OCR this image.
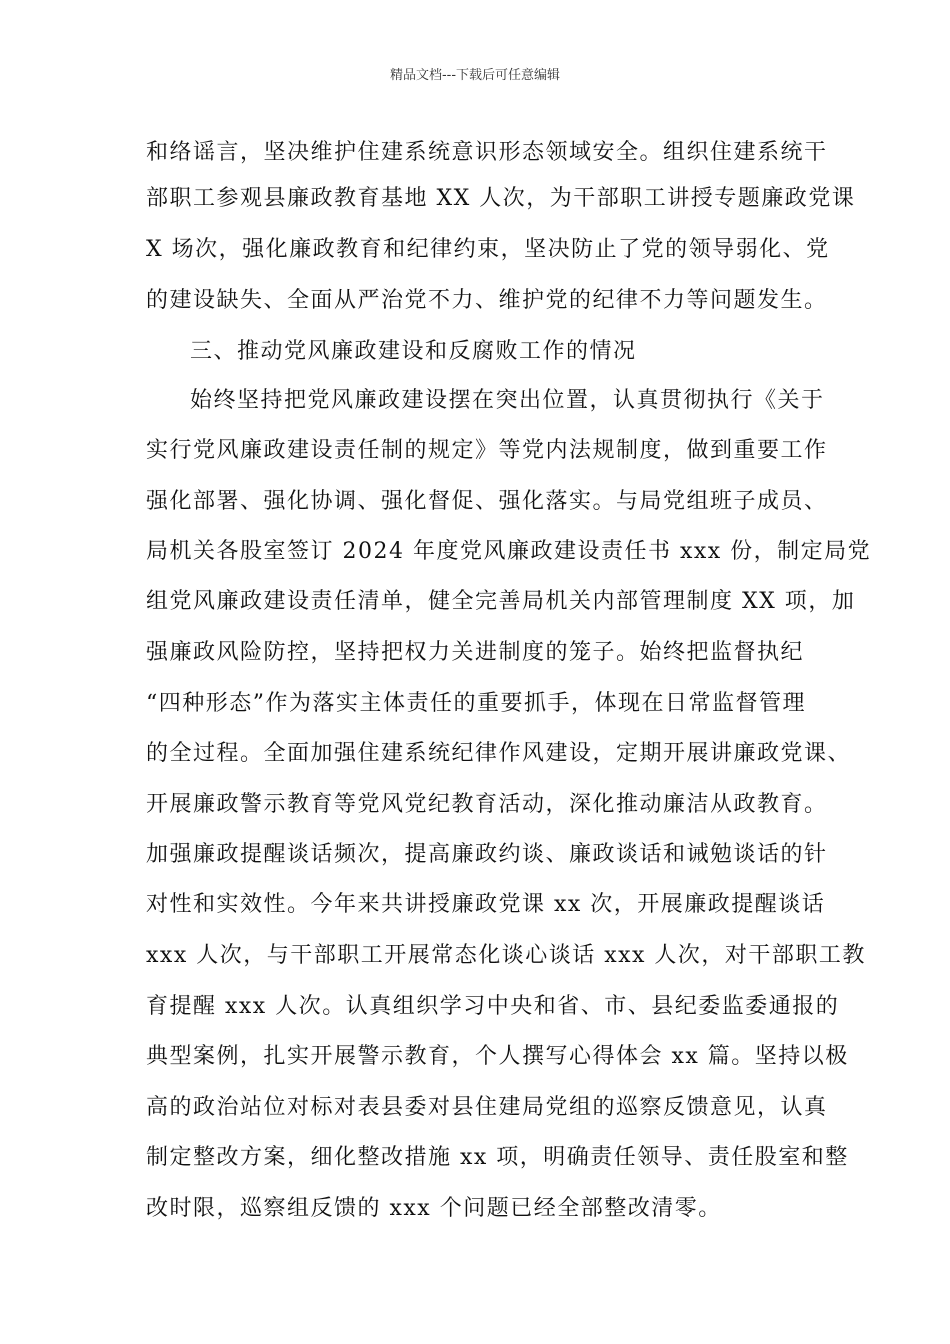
精品文档---下载后可任意编辑
和络谣言，坚决维护住建系统意识形态领域安全。组织住建系统干
部职工参观县廉政教育基地 XX 人次，为干部职工讲授专题廉政党课
X 场次，强化廉政教育和纪律约束，坚决防止了党的领导弱化、党
的建设缺失、全面从严治党不力、维护党的纪律不力等问题发生。
三、推动党风廉政建设和反腐败工作的情况
始终坚持把党风廉政建设摆在突出位置，认真贯彻执行《关于
实行党风廉政建设责任制的规定》等党内法规制度，做到重要工作
强化部署、强化协调、强化督促、强化落实。与局党组班子成员、
局机关各股室签订 2024 年度党风廉政建设责任书 xxx 份，制定局党
组党风廉政建设责任清单，健全完善局机关内部管理制度 XX 项，加
强廉政风险防控，坚持把权力关进制度的笼子。始终把监督执纪
“四种形态”作为落实主体责任的重要抓手，体现在日常监督管理
的全过程。全面加强住建系统纪律作风建设，定期开展讲廉政党课、
开展廉政警示教育等党风党纪教育活动，深化推动廉洁从政教育。
加强廉政提醒谈话频次，提高廉政约谈、廉政谈话和诫勉谈话的针
对性和实效性。今年来共讲授廉政党课 xx 次，开展廉政提醒谈话
xxx 人次，与干部职工开展常态化谈心谈话 xxx 人次，对干部职工教
育提醒 xxx 人次。认真组织学习中央和省、市、县纪委监委通报的
典型案例，扎实开展警示教育，个人撰写心得体会 xx 篇。坚持以极
高的政治站位对标对表县委对县住建局党组的巡察反馈意见，认真
制定整改方案，细化整改措施 xx 项，明确责任领导、责任股室和整
改时限，巡察组反馈的 xxx 个问题已经全部整改清零。
